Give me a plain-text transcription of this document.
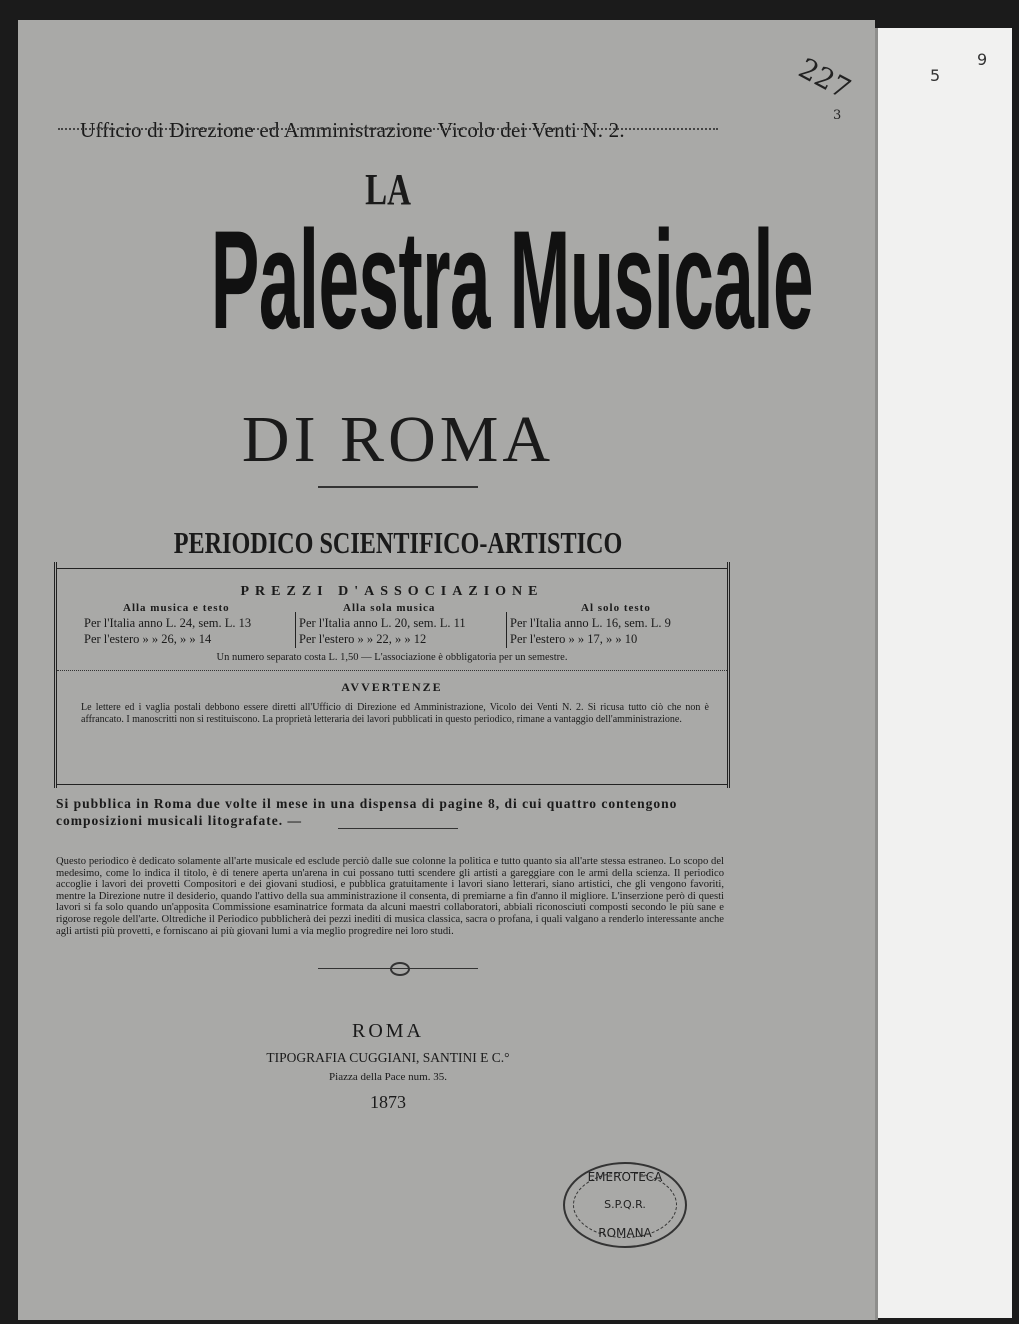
5
9
227
3
Ufficio di Direzione ed Amministrazione Vicolo dei Venti N. 2.
LA
Palestra Musicale
DI ROMA
PERIODICO SCIENTIFICO-ARTISTICO
PREZZI D'ASSOCIAZIONE
Alla musica e testo	Alla sola musica	Al solo testo
Per l'Italia anno L. 24, sem. L. 13
Per l'estero » » 26, » » 14
Per l'Italia anno L. 20, sem. L. 11
Per l'estero » » 22, » » 12
Per l'Italia anno L. 16, sem. L. 9
Per l'estero » » 17, » » 10
Un numero separato costa L. 1,50 — L'associazione è obbligatoria per un semestre.
AVVERTENZE
Le lettere ed i vaglia postali debbono essere diretti all'Ufficio di Direzione ed Amministrazione, Vicolo dei Venti N. 2. Si ricusa tutto ciò che non è affrancato. I manoscritti non si restituiscono. La proprietà letteraria dei lavori pubblicati in questo periodico, rimane a vantaggio dell'amministrazione.
Si pubblica in Roma due volte il mese in una dispensa di pagine 8, di cui quattro contengono composizioni musicali litografate. —
Questo periodico è dedicato solamente all'arte musicale ed esclude perciò dalle sue colonne la politica e tutto quanto sia all'arte stessa estraneo. Lo scopo del medesimo, come lo indica il titolo, è di tenere aperta un'arena in cui possano tutti scendere gli artisti a gareggiare con le armi della scienza. Il periodico accoglie i lavori dei provetti Compositori e dei giovani studiosi, e pubblica gratuitamente i lavori siano letterari, siano artistici, che gli vengono favoriti, mentre la Direzione nutre il desiderio, quando l'attivo della sua amministrazione il consenta, di premiarne a fin d'anno il migliore. L'inserzione però di questi lavori si fa solo quando un'apposita Commissione esaminatrice formata da alcuni maestri collaboratori, abbiali riconosciuti composti secondo le più sane e rigorose regole dell'arte. Oltrediche il Periodico pubblicherà dei pezzi inediti di musica classica, sacra o profana, i quali valgano a renderlo interessante anche agli artisti più provetti, e forniscano ai più giovani lumi a via meglio progredire nei loro studi.
ROMA
TIPOGRAFIA CUGGIANI, SANTINI E C.°
Piazza della Pace num. 35.
1873
EMEROTECA
S.P.Q.R.
ROMANA
